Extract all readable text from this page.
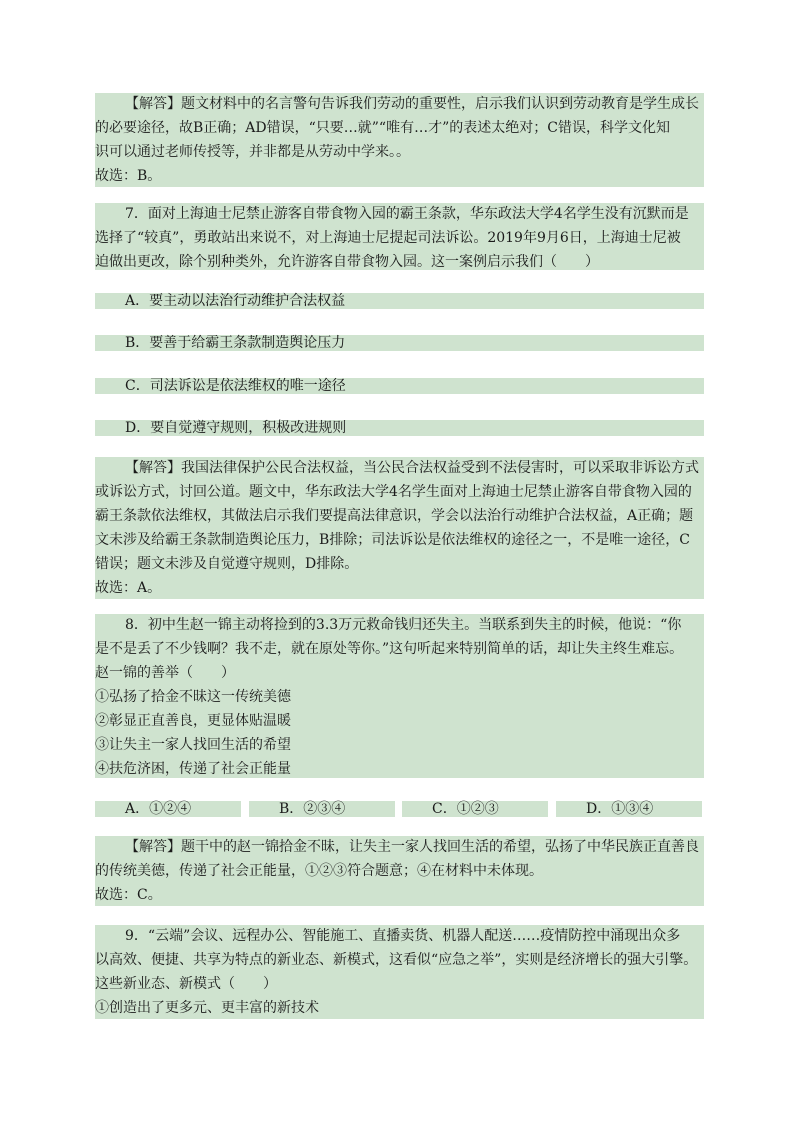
【解答】题文材料中的名言警句告诉我们劳动的重要性，启示我们认识到劳动教育是学生成长
的必要途径，故B正确；AD错误，“只要…就”“唯有…才”的表述太绝对；C错误，科学文化知
识可以通过老师传授等，并非都是从劳动中学来。。
故选：B。
7．面对上海迪士尼禁止游客自带食物入园的霸王条款，华东政法大学4名学生没有沉默而是
选择了“较真”，勇敢站出来说不，对上海迪士尼提起司法诉讼。2019年9月6日，上海迪士尼被
迫做出更改，除个别种类外，允许游客自带食物入园。这一案例启示我们（　　）
A．要主动以法治行动维护合法权益
B．要善于给霸王条款制造舆论压力
C．司法诉讼是依法维权的唯一途径
D．要自觉遵守规则，积极改进规则
【解答】我国法律保护公民合法权益，当公民合法权益受到不法侵害时，可以采取非诉讼方式
或诉讼方式，讨回公道。题文中，华东政法大学4名学生面对上海迪士尼禁止游客自带食物入园的
霸王条款依法维权，其做法启示我们要提高法律意识，学会以法治行动维护合法权益，A正确；题
文未涉及给霸王条款制造舆论压力，B排除；司法诉讼是依法维权的途径之一，不是唯一途径，C
错误；题文未涉及自觉遵守规则，D排除。
故选：A。
8．初中生赵一锦主动将捡到的3.3万元救命钱归还失主。当联系到失主的时候，他说：“你
是不是丢了不少钱啊？我不走，就在原处等你。”这句听起来特别简单的话，却让失主终生难忘。
赵一锦的善举（　　）
①弘扬了拾金不昧这一传统美德
②彰显正直善良，更显体贴温暖
③让失主一家人找回生活的希望
④扶危济困，传递了社会正能量
A．①②④	B．②③④	C．①②③	D．①③④
【解答】题干中的赵一锦拾金不昧，让失主一家人找回生活的希望，弘扬了中华民族正直善良
的传统美德，传递了社会正能量，①②③符合题意；④在材料中未体现。
故选：C。
9．“云端”会议、远程办公、智能施工、直播卖货、机器人配送……疫情防控中涌现出众多
以高效、便捷、共享为特点的新业态、新模式，这看似“应急之举”，实则是经济增长的强大引擎。
这些新业态、新模式（　　）
①创造出了更多元、更丰富的新技术
